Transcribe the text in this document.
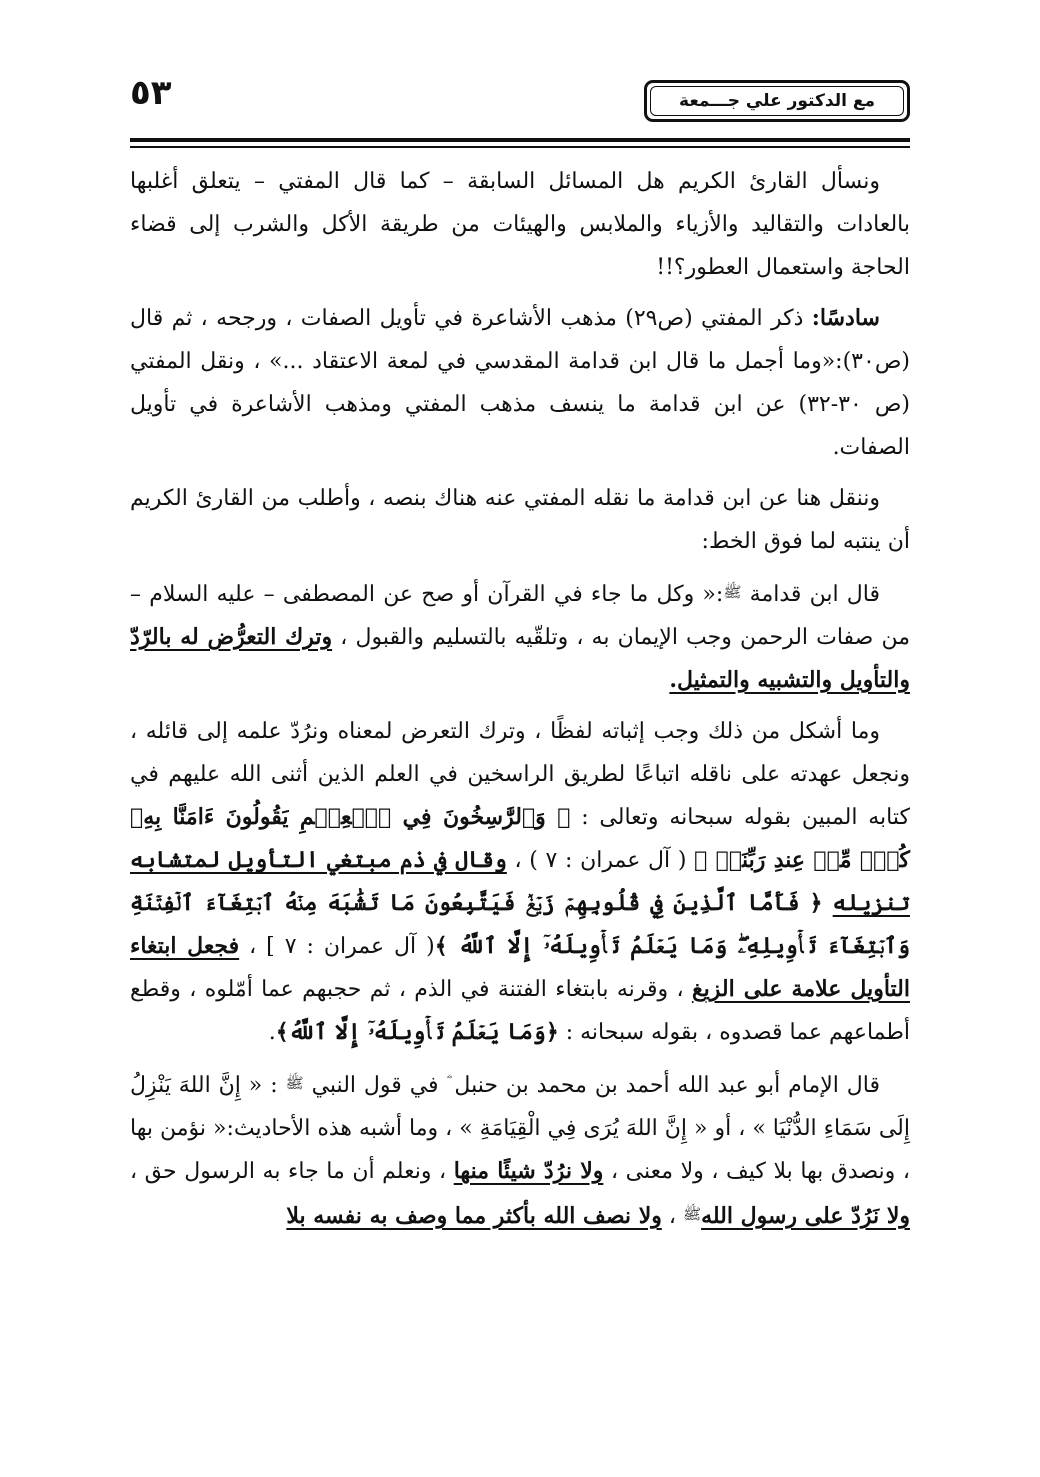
مع الدكتور علي جـــمعة
٥٣

ونسأل القارئ الكريم هل المسائل السابقة – كما قال المفتي – يتعلق أغلبها بالعادات والتقاليد والأزياء والملابس والهيئات من طريقة الأكل والشرب إلى قضاء الحاجة واستعمال العطور؟!!

سادسًا: ذكر المفتي (ص٢٩) مذهب الأشاعرة في تأويل الصفات ، ورجحه ، ثم قال (ص٣٠):«وما أجمل ما قال ابن قدامة المقدسي في لمعة الاعتقاد ...» ، ونقل المفتي (ص ٣٠-٣٢) عن ابن قدامة ما ينسف مذهب المفتي ومذهب الأشاعرة في تأويل الصفات.

وننقل هنا عن ابن قدامة ما نقله المفتي عنه هناك بنصه ، وأطلب من القارئ الكريم أن ينتبه لما فوق الخط:

قال ابن قدامة ﷺ:« وكل ما جاء في القرآن أو صح عن المصطفى – عليه السلام – من صفات الرحمن وجب الإيمان به ، وتلقّيه بالتسليم والقبول ، وترك التعرُّض له بالرّدّ والتأويل والتشبيه والتمثيل.

وما أشكل من ذلك وجب إثباته لفظًا ، وترك التعرض لمعناه ونرُدّ علمه إلى قائله ، ونجعل عهدته على ناقله اتباعًا لطريق الراسخين في العلم الذين أثنى الله عليهم في كتابه المبين بقوله سبحانه وتعالى : ﴿ وَٱلرَّٰسِخُونَ فِي ٱلۡعِلۡمِ يَقُولُونَ ءَامَنَّا بِهِۦ كُلّٞ مِّنۡ عِندِ رَبِّنَاۗ ﴾ ( آل عمران : ٧ ) ، وقال في ذم مبتغي التأويل لمتشابه تنزيله ﴿ فَأَمَّا ٱلَّذِينَ فِي قُلُوبِهِمۡ زَيۡغٞ فَيَتَّبِعُونَ مَا تَشَٰبَهَ مِنۡهُ ٱبۡتِغَآءَ ٱلۡفِتۡنَةِ وَٱبۡتِغَآءَ تَأۡوِيلِهِۦۖ وَمَا يَعۡلَمُ تَأۡوِيلَهُۥٓ إِلَّا ٱللَّهُ ﴾( آل عمران : ٧ ] ، فجعل ابتغاء التأويل علامة على الزيغ ، وقرنه بابتغاء الفتنة في الذم ، ثم حجبهم عما أمّلوه ، وقطع أطماعهم عما قصدوه ، بقوله سبحانه : ﴿وَمَا يَعۡلَمُ تَأۡوِيلَهُۥٓ إِلَّا ٱللَّهُ﴾.

قال الإمام أبو عبد الله أحمد بن محمد بن حنبل في قول النبي ﷺ : « إِنَّ اللهَ يَنْزِلُ إِلَى سَمَاءِ الدُّنْيَا » ، أو « إِنَّ اللهَ يُرَى فِي الْقِيَامَةِ » ، وما أشبه هذه الأحاديث:« نؤمن بها ، ونصدق بها بلا كيف ، ولا معنى ، ولا نرُدّ شيئًا منها ، ونعلم أن ما جاء به الرسول حق ، ولا نَرُدّ على رسول اللهﷺ ، ولا نصف الله بأكثر مما وصف به نفسه بلا
